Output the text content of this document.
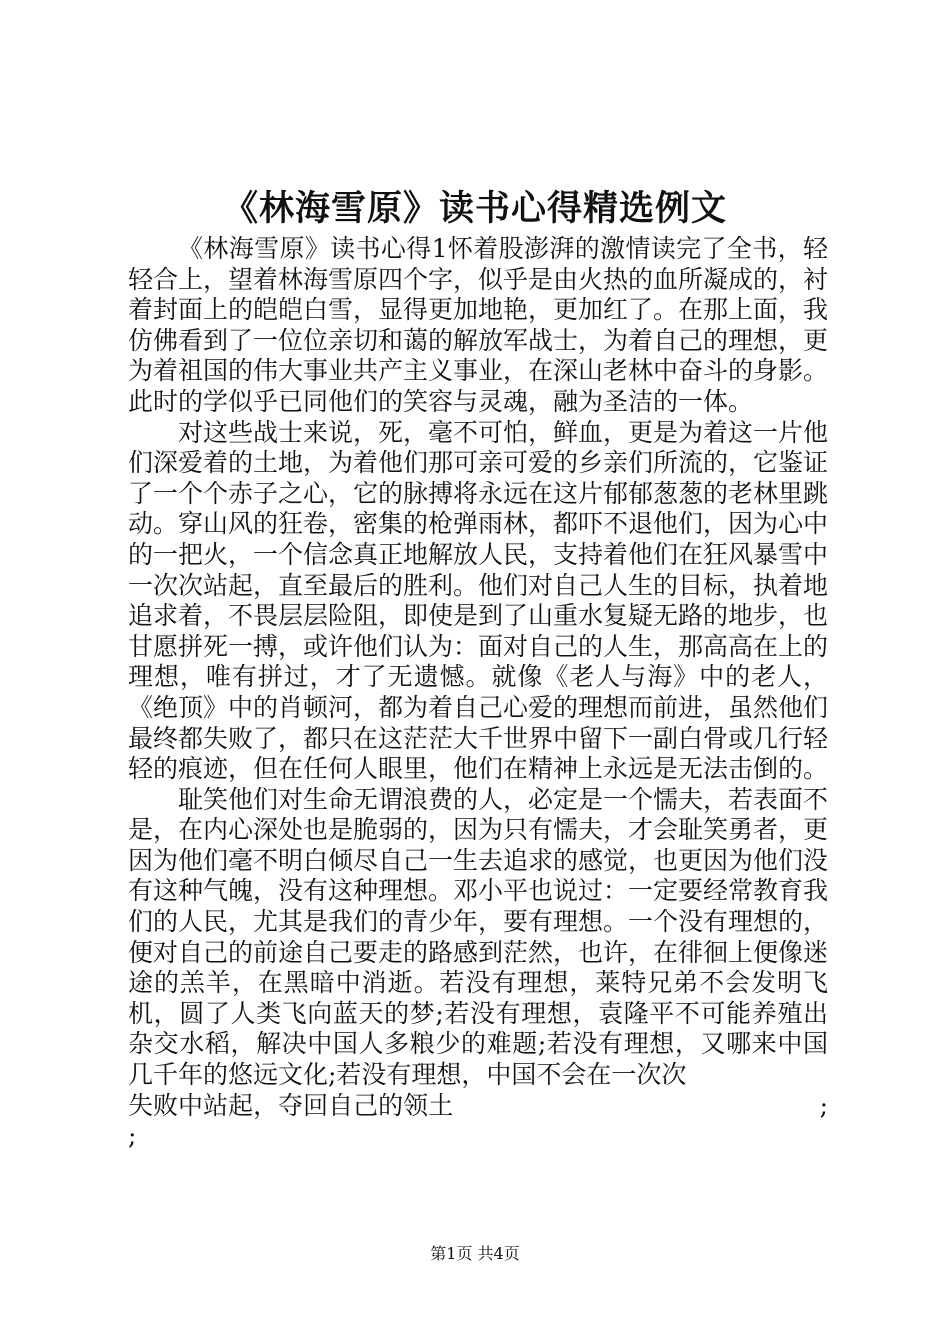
《林海雪原》读书心得精选例文

《林海雪原》读书心得1怀着股澎湃的激情读完了全书，轻轻合上，望着林海雪原四个字，似乎是由火热的血所凝成的，衬着封面上的皑皑白雪，显得更加地艳，更加红了。在那上面，我仿佛看到了一位位亲切和蔼的解放军战士，为着自己的理想，更为着祖国的伟大事业共产主义事业，在深山老林中奋斗的身影。此时的学似乎已同他们的笑容与灵魂，融为圣洁的一体。

对这些战士来说，死，毫不可怕，鲜血，更是为着这一片他们深爱着的土地，为着他们那可亲可爱的乡亲们所流的，它鉴证了一个个赤子之心，它的脉搏将永远在这片郁郁葱葱的老林里跳动。穿山风的狂卷，密集的枪弹雨林，都吓不退他们，因为心中的一把火，一个信念真正地解放人民，支持着他们在狂风暴雪中一次次站起，直至最后的胜利。他们对自己人生的目标，执着地追求着，不畏层层险阻，即使是到了山重水复疑无路的地步，也甘愿拼死一搏，或许他们认为：面对自己的人生，那高高在上的理想，唯有拼过，才了无遗憾。就像《老人与海》中的老人，《绝顶》中的肖顿河，都为着自己心爱的理想而前进，虽然他们最终都失败了，都只在这茫茫大千世界中留下一副白骨或几行轻轻的痕迹，但在任何人眼里，他们在精神上永远是无法击倒的。

耻笑他们对生命无谓浪费的人，必定是一个懦夫，若表面不是，在内心深处也是脆弱的，因为只有懦夫，才会耻笑勇者，更因为他们毫不明白倾尽自己一生去追求的感觉，也更因为他们没有这种气魄，没有这种理想。邓小平也说过：一定要经常教育我们的人民，尤其是我们的青少年，要有理想。一个没有理想的，便对自己的前途自己要走的路感到茫然，也许，在徘徊上便像迷途的羔羊，在黑暗中消逝。若没有理想，莱特兄弟不会发明飞机，圆了人类飞向蓝天的梦;若没有理想，袁隆平不可能养殖出杂交水稻，解决中国人多粮少的难题;若没有理想，又哪来中国几千年的悠远文化;若没有理想，中国不会在一次次

失 败 中 站 起 ， 夺 回 自 己 的 领 土	;
;
第1页 共4页
